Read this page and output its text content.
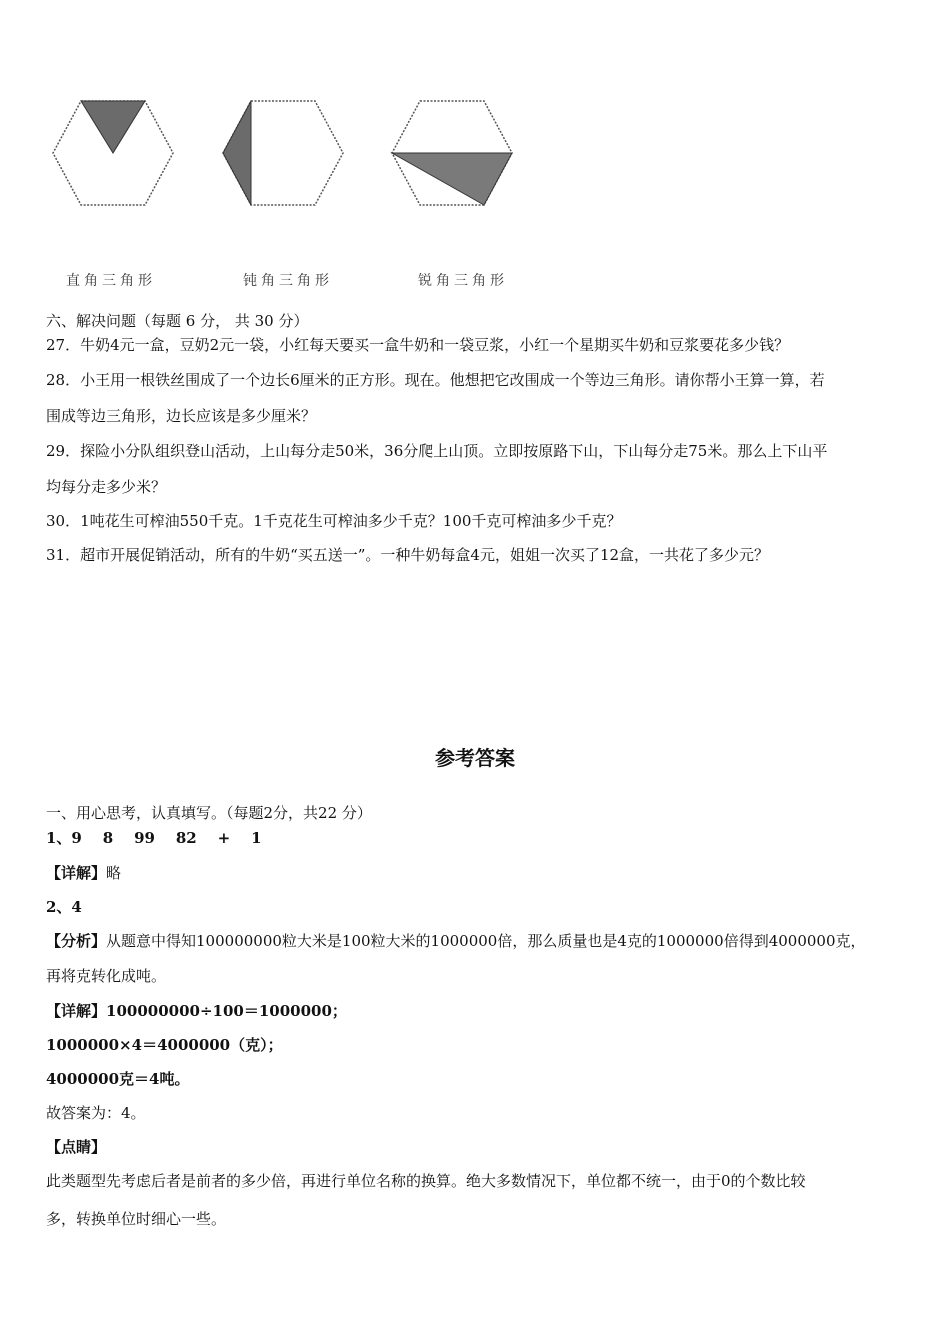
直角三角形	钝角三角形	锐角三角形
六、解决问题（每题 6 分， 共 30 分）
27．牛奶4元一盒，豆奶2元一袋，小红每天要买一盒牛奶和一袋豆浆，小红一个星期买牛奶和豆浆要花多少钱？
28．小王用一根铁丝围成了一个边长6厘米的正方形。现在。他想把它改围成一个等边三角形。请你帮小王算一算，若
围成等边三角形，边长应该是多少厘米？
29．探险小分队组织登山活动，上山每分走50米，36分爬上山顶。立即按原路下山，下山每分走75米。那么上下山平
均每分走多少米？
30．1吨花生可榨油550千克。1千克花生可榨油多少千克？100千克可榨油多少千克？
31．超市开展促销活动，所有的牛奶“买五送一”。一种牛奶每盒4元，姐姐一次买了12盒，一共花了多少元？
参考答案
一、用心思考，认真填写。（每题2分，共22 分）
1、9    8    99    82    +    1
【详解】略
2、4
【分析】从题意中得知100000000粒大米是100粒大米的1000000倍，那么质量也是4克的1000000倍得到4000000克，
再将克转化成吨。
【详解】100000000÷100＝1000000；
1000000×4＝4000000（克）；
4000000克＝4吨。
故答案为：4。
【点睛】
此类题型先考虑后者是前者的多少倍，再进行单位名称的换算。绝大多数情况下，单位都不统一，由于0的个数比较
多，转换单位时细心一些。
